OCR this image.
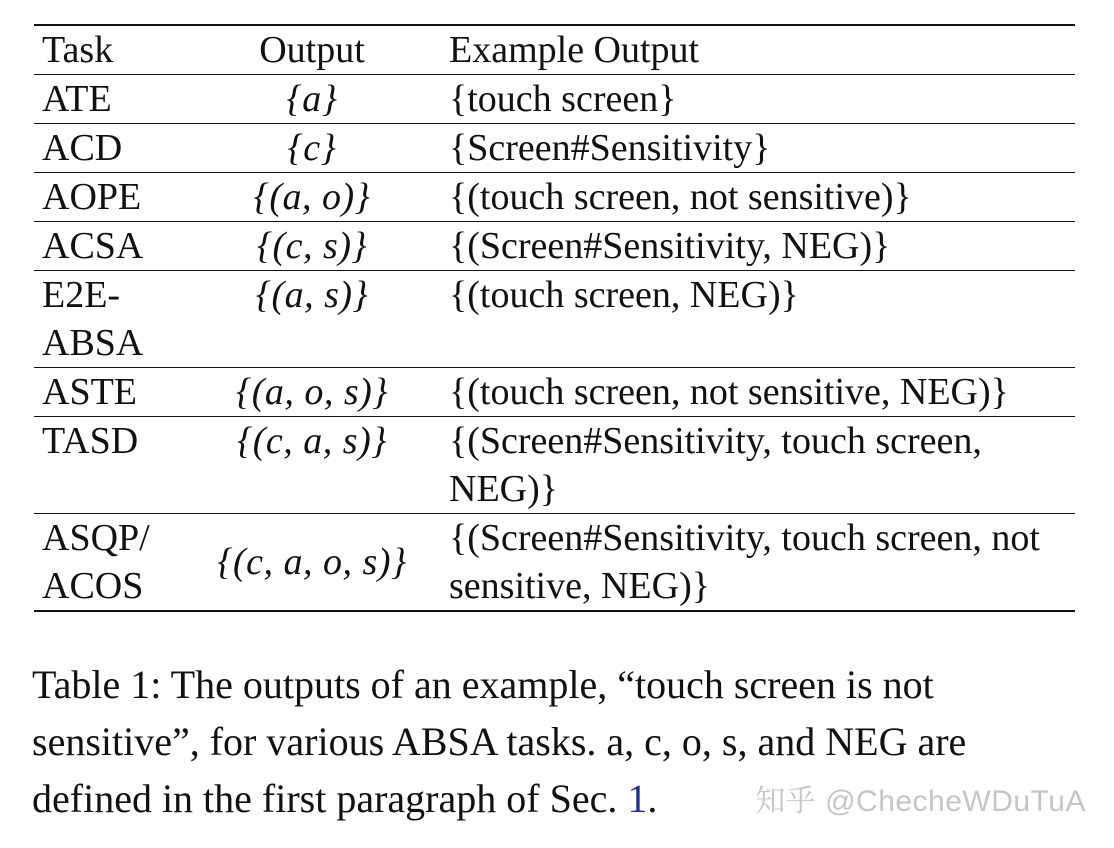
Task	Output	Example Output
ATE	{a}	{touch screen}
ACD	{c}	{Screen#Sensitivity}
AOPE	{(a, o)}	{(touch screen, not sensitive)}
ACSA	{(c, s)}	{(Screen#Sensitivity, NEG)}
E2E-ABSA	{(a, s)}	{(touch screen, NEG)}
ASTE	{(a, o, s)}	{(touch screen, not sensitive, NEG)}
TASD	{(c, a, s)}	{(Screen#Sensitivity, touch screen, NEG)}
ASQP/ ACOS	{(c, a, o, s)}	{(Screen#Sensitivity, touch screen, not sensitive, NEG)}
Table 1: The outputs of an example, “touch screen is not sensitive”, for various ABSA tasks. a, c, o, s, and NEG are defined in the first paragraph of Sec. 1.	知乎 @ChecheWDuTuA
